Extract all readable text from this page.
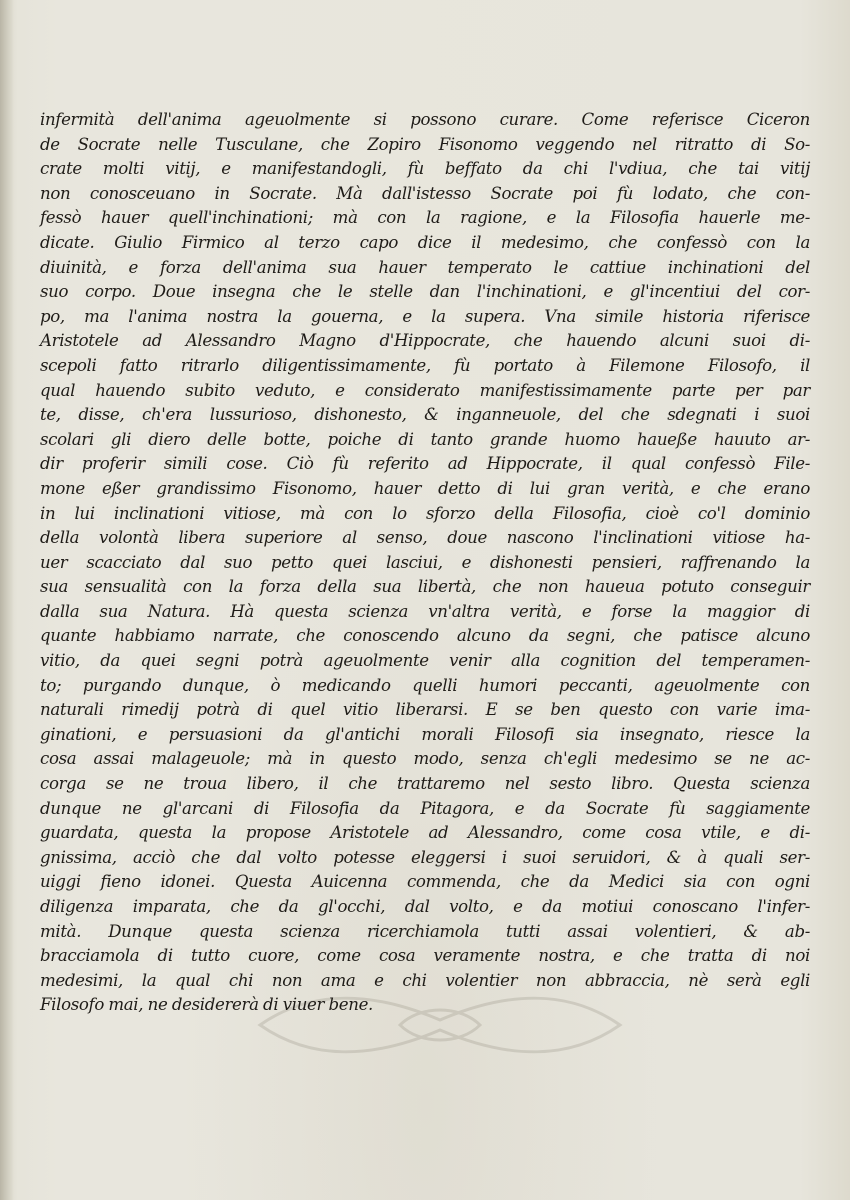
infermità dell'anima ageuolmente si possono curare. Come referisce Ciceron
de Socrate nelle Tusculane, che Zopiro Fisonomo veggendo nel ritratto di So-
crate molti vitij, e manifestandogli, fù beffato da chi l'vdiua, che tai vitij
non conosceuano in Socrate. Mà dall'istesso Socrate poi fù lodato, che con-
fessò hauer quell'inchinationi; mà con la ragione, e la Filosofia hauerle me-
dicate. Giulio Firmico al terzo capo dice il medesimo, che confessò con la
diuinità, e forza dell'anima sua hauer temperato le cattiue inchinationi del
suo corpo. Doue insegna che le stelle dan l'inchinationi, e gl'incentiui del cor-
po, ma l'anima nostra la gouerna, e la supera. Vna simile historia riferisce
Aristotele ad Alessandro Magno d'Hippocrate, che hauendo alcuni suoi di-
scepoli fatto ritrarlo diligentissimamente, fù portato à Filemone Filosofo, il
qual hauendo subito veduto, e considerato manifestissimamente parte per par
te, disse, ch'era lussurioso, dishonesto, & inganneuole, del che sdegnati i suoi
scolari gli diero delle botte, poiche di tanto grande huomo haueße hauuto ar-
dir proferir simili cose. Ciò fù referito ad Hippocrate, il qual confessò File-
mone eßer grandissimo Fisonomo, hauer detto di lui gran verità, e che erano
in lui inclinationi vitiose, mà con lo sforzo della Filosofia, cioè co'l dominio
della volontà libera superiore al senso, doue nascono l'inclinationi vitiose ha-
uer scacciato dal suo petto quei lasciui, e dishonesti pensieri, raffrenando la
sua sensualità con la forza della sua libertà, che non haueua potuto conseguir
dalla sua Natura. Hà questa scienza vn'altra verità, e forse la maggior di
quante habbiamo narrate, che conoscendo alcuno da segni, che patisce alcuno
vitio, da quei segni potrà ageuolmente venir alla cognition del temperamen-
to; purgando dunque, ò medicando quelli humori peccanti, ageuolmente con
naturali rimedij potrà di quel vitio liberarsi. E se ben questo con varie ima-
ginationi, e persuasioni da gl'antichi morali Filosofi sia insegnato, riesce la
cosa assai malageuole; mà in questo modo, senza ch'egli medesimo se ne ac-
corga se ne troua libero, il che trattaremo nel sesto libro. Questa scienza
dunque ne gl'arcani di Filosofia da Pitagora, e da Socrate fù saggiamente
guardata, questa la propose Aristotele ad Alessandro, come cosa vtile, e di-
gnissima, acciò che dal volto potesse eleggersi i suoi seruidori, & à quali ser-
uiggi fieno idonei. Questa Auicenna commenda, che da Medici sia con ogni
diligenza imparata, che da gl'occhi, dal volto, e da motiui conoscano l'infer-
mità. Dunque questa scienza ricerchiamola tutti assai volentieri, & ab-
bracciamola di tutto cuore, come cosa veramente nostra, e che tratta di noi
medesimi, la qual chi non ama e chi volentier non abbraccia, nè serà egli
Filosofo mai, ne desidererà di viuer bene.
